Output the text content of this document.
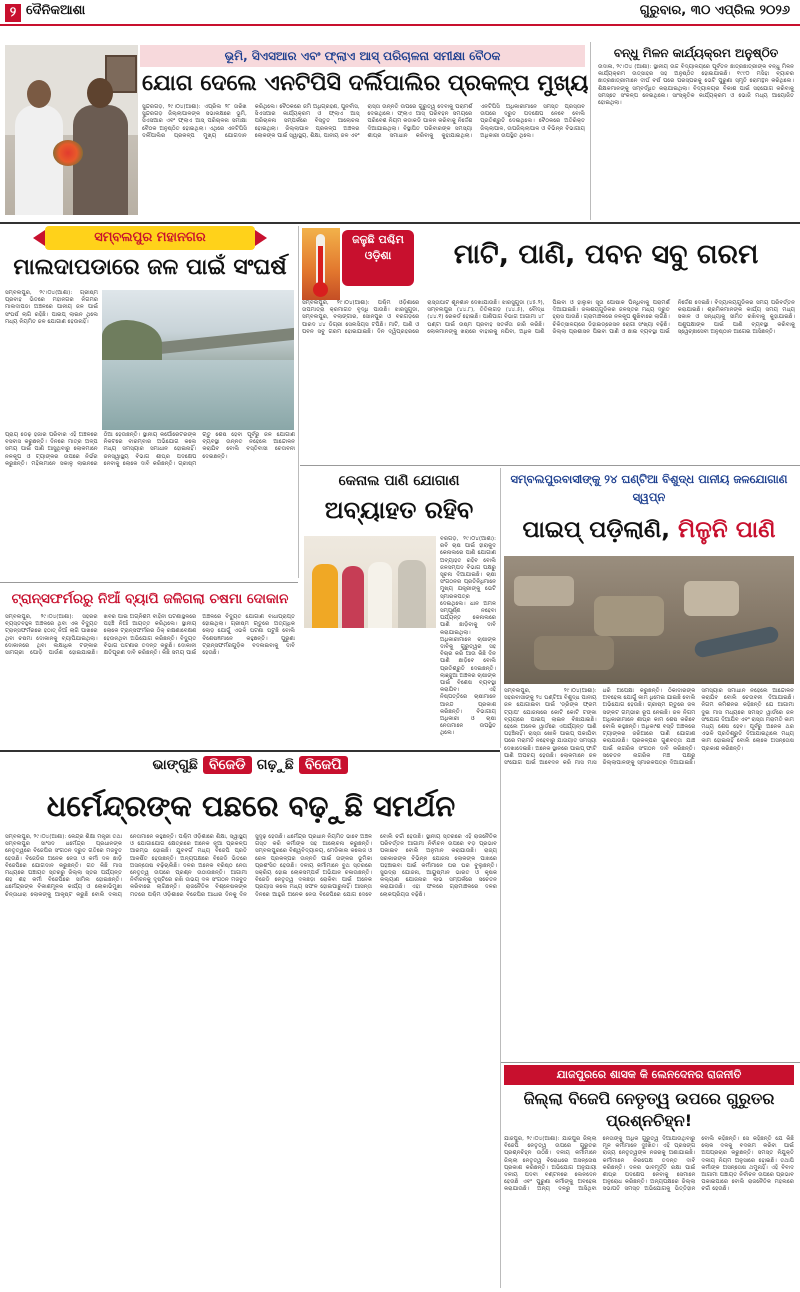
୨ ଦୈନିକଆଶା	ଗୁରୁବାର, ୩୦ ଏପ୍ରିଲ ୨୦୨୬
ଭୂମି, ସିଏସଆର ଏବଂ ଫ୍ଲାଏ ଆସ୍ ପରିଚାଳନା ସମୀକ୍ଷା ବୈଠକ
ଯୋଗ ଦେଲେ ଏନଟିପିସି ଦର୍ଲିପାଲିର ପ୍ରକଳ୍ପ ମୁଖ୍ୟ
ସୁନ୍ଦରଗଡ଼, ୨୯।୦୪(ଆଶା): ଏପ୍ରିଲ ୨୮ ତାରିଖ ସୁନ୍ଦରଗଡ଼ ଜିଲ୍ଲାପାଳଙ୍କ ସଭାକକ୍ଷରେ ଭୂମି, ସିଏସଆର ଏବଂ ଫ୍ଲାଏ ଆସ୍ ପରିଚାଳନା ସମୀକ୍ଷା ବୈଠକ ଅନୁଷ୍ଠିତ ହୋଇଥିଲା। ଏଥିରେ ଏନଟିପିସି ଦର୍ଲିପାଲିର ପ୍ରକଳ୍ପ ମୁଖ୍ୟ ଯୋଗଦାନ କରିଥିଲେ। ବୈଠକରେ ଜମି ଅଧିଗ୍ରହଣ, ପୁନର୍ବାସ, ସିଏସଆର କାର୍ଯ୍ୟକ୍ରମ ଓ ଫ୍ଲାଏ ଆସ୍ ପରିଚାଳନା ସମ୍ପର୍କରେ ବିସ୍ତୃତ ଆଲୋଚନା ହୋଇଥିଲା। ଜିଲ୍ଲାପାଳ ପ୍ରକଳ୍ପ ଅଞ୍ଚଳର ଲୋକଙ୍କ ପାଇଁ ସ୍ୱାସ୍ଥ୍ୟ, ଶିକ୍ଷା, ପାନୀୟ ଜଳ ଏବଂ ରାସ୍ତା ଉନ୍ନତି ଉପରେ ଗୁରୁତ୍ୱ ଦେବାକୁ ପରାମର୍ଶ ଦେଇଥିଲେ। ଫ୍ଲାଏ ଆସ୍ ପରିବହନ ସମୟରେ ପରିବେଶ ନିୟମ କଡାକଡି ପାଳନ କରିବାକୁ ନିର୍ଦ୍ଦେଶ ଦିଆଯାଇଥିଲା। ବିସ୍ଥାପିତ ପରିବାରଙ୍କ ସମସ୍ୟା ଶୀଘ୍ର ସମାଧାନ କରିବାକୁ କୁହାଯାଇଥିଲା। ଏନଟିପିସି ଅଧିକାରୀମାନେ ସମସ୍ତ ପ୍ରସ୍ତାବ ଉପରେ ଦ୍ରୁତ ପଦକ୍ଷେପ ନେବେ ବୋଲି ପ୍ରତିଶ୍ରୁତି ଦେଇଥିଲେ। ବୈଠକରେ ଅତିରିକ୍ତ ଜିଲ୍ଲାପାଳ, ଉପଜିଲ୍ଲାପାଳ ଓ ବିଭିନ୍ନ ବିଭାଗୀୟ ଅଧିକାରୀ ଉପସ୍ଥିତ ଥିଲେ।
ବନ୍ଧୁ ମିଳନ କାର୍ଯ୍ୟକ୍ରମ ଅନୁଷ୍ଠିତ
ଉଦାଳା, ୨୯।୦୪ (ଆଶା): ସ୍ଥାନୀୟ ଉଚ୍ଚ ବିଦ୍ୟାଳୟରେ ପୂର୍ବତନ ଛାତ୍ରଛାତ୍ରୀଙ୍କ ବନ୍ଧୁ ମିଳନ କାର୍ଯ୍ୟକ୍ରମ ଉତ୍ସାହର ସହ ଅନୁଷ୍ଠିତ ହୋଇଯାଇଛି। ୧୯୯୦ ମସିହା ବ୍ୟାଚର ଛାତ୍ରଛାତ୍ରୀମାନେ ଦୀର୍ଘ ବର୍ଷ ପରେ ପରସ୍ପରକୁ ଭେଟି ପୁରୁଣା ସ୍ମୃତି ରୋମନ୍ଥନ କରିଥିଲେ। ଶିକ୍ଷକମାନଙ୍କୁ ସମ୍ବର୍ଦ୍ଧିତ କରାଯାଇଥିଲା। ବିଦ୍ୟାଳୟର ବିକାଶ ପାଇଁ ସହଯୋଗ କରିବାକୁ ସମସ୍ତେ ସଂକଳ୍ପ ନେଇଥିଲେ। ସାଂସ୍କୃତିକ କାର୍ଯ୍ୟକ୍ରମ ଓ ଭୋଜି ମଧ୍ୟ ଆୟୋଜିତ ହୋଇଥିଲା।
ସମ୍ବଲପୁର ମହାନଗର
ମାଲଦାପଡାରେ ଜଳ ପାଇଁ ସଂଘର୍ଷ
ସମ୍ବଲପୁର, ୨୯।୦୪(ଆଶା): ଗ୍ରୀଷ୍ମ ପ୍ରବାହ ଭିତରେ ମହାନଗର ନିଗମର ମାଲଦାପଡା ଅଞ୍ଚଳରେ ପାନୀୟ ଜଳ ପାଇଁ ସଂଘର୍ଷ ଲାଗି ରହିଛି। ପାଇପ୍ ଲାଇନ ଥିଲେ ମଧ୍ୟ ନିୟମିତ ଜଳ ଯୋଗାଣ ହେଉନାହିଁ।
ପ୍ରାୟ ଡେଢ଼ ହଜାର ପରିବାର ଏହି ଅଞ୍ଚଳରେ ବସବାସ କରୁଛନ୍ତି। ଦିନରେ ମାତ୍ର ଅଳ୍ପ ସମୟ ପାଇଁ ପାଣି ଆସୁଥିବାରୁ ଲୋକମାନେ ନଳକୂପ ଓ ଟ୍ୟାଙ୍କର ଉପରେ ନିର୍ଭର କରୁଛନ୍ତି। ମହିଳାମାନେ ସକାଳୁ ଲାଇନରେ ଠିଆ ହେଉଛନ୍ତି। ସ୍ଥାନୀୟ କର୍ପୋରେଟରଙ୍କ ନିକଟରେ ବାରମ୍ବାର ଅଭିଯୋଗ କଲେ ମଧ୍ୟ ସମସ୍ୟାର ସମାଧାନ ହୋଇନାହିଁ। ଜନସ୍ୱାସ୍ଥ୍ୟ ବିଭାଗ ଶୀଘ୍ର ପଦକ୍ଷେପ ନେବାକୁ ଲୋକେ ଦାବି କରିଛନ୍ତି। ଗ୍ରୀଷ୍ମ ଋତୁ ଶେଷ ହେବା ପୂର୍ବରୁ ଜଳ ଯୋଗାଣ ବ୍ୟବସ୍ଥା ଉନ୍ନତ ନହେଲେ ଆନ୍ଦୋଳନ କରାଯିବ ବୋଲି ବସ୍ତିବାସୀ ଚେତାବନୀ ଦେଇଛନ୍ତି।
ଜଳୁଛି ପଶ୍ଚିମ ଓଡ଼ିଶା	ମାଟି, ପାଣି, ପବନ ସବୁ ଗରମ
ସମ୍ବଲପୁର, ୨୯।୦୪(ଆଶା): ପଶ୍ଚିମ ଓଡ଼ିଶାରେ ତାପମାତ୍ରା କ୍ରମାଗତ ବୃଦ୍ଧି ପାଉଛି। ଝାରସୁଗୁଡା, ସମ୍ବଲପୁର, ବଲାଙ୍ଗୀର, ସୋନପୁର ଓ ବରଗଡ଼ରେ ପାରଦ ୪୪ ଡିଗ୍ରୀ ସେଲସିୟସ ଟପିଛି। ମାଟି, ପାଣି ଓ ପବନ ସବୁ ଗରମ ହୋଇଯାଇଛି। ଦିନ ଦ୍ୱିପ୍ରହରରେ ରାସ୍ତାଘାଟ ଶୂନଶାନ ଦେଖାଯାଉଛି। ଝାରସୁଗୁଡା (୪୫.୨), ସମ୍ବଲପୁର (୪୪.୮), ତିତିଲାଗଡ଼ (୪୪.୫), ବୌଦ୍ଧ (୪୪.୧) ରେକର୍ଡ ହୋଇଛି। ପାଣିପାଗ ବିଭାଗ ଆଗାମୀ ୪୮ ଘଣ୍ଟା ପାଇଁ ଉଷ୍ମ ପ୍ରବାହ ସତର୍କତା ଜାରି କରିଛି। ଲୋକମାନଙ୍କୁ ଖରାରେ ବାହାରକୁ ନଯିବା, ଅଧିକ ପାଣି ପିଇବା ଓ ହାଲୁକା ସୂତା ପୋଷାକ ପିନ୍ଧିବାକୁ ପରାମର୍ଶ ଦିଆଯାଇଛି। ଜଳାଶୟଗୁଡିକର ଜଳସ୍ତର ମଧ୍ୟ ଦ୍ରୁତ ହ୍ରାସ ପାଉଛି। ଗ୍ରାମାଞ୍ଚଳରେ ନଳକୂପ ଶୁଖିବାରେ ଲାଗିଛି। ଚିକିତ୍ସାଳୟରେ ଡିହାଇଡ୍ରେସନ ରୋଗୀ ସଂଖ୍ୟା ବଢ଼ିଛି। ଜିଲ୍ଲା ପ୍ରଶାସନ ପିଇବା ପାଣି ଓ ଛାଇ ବ୍ୟବସ୍ଥା ପାଇଁ ନିର୍ଦ୍ଦେଶ ଦେଇଛି। ବିଦ୍ୟାଳୟଗୁଡିକର ସମୟ ପରିବର୍ତ୍ତନ କରାଯାଇଛି। ଶ୍ରମିକମାନଙ୍କ କାର୍ଯ୍ୟ ସମୟ ମଧ୍ୟ ସକାଳ ଓ ସନ୍ଧ୍ୟାକୁ ସୀମିତ ରଖିବାକୁ କୁହାଯାଇଛି। ପଶୁପକ୍ଷୀଙ୍କ ପାଇଁ ପାଣି ବ୍ୟବସ୍ଥା କରିବାକୁ ସ୍ୱେଚ୍ଛାସେବୀ ଅନୁଷ୍ଠାନ ଆଗେଇ ଆସିଛନ୍ତି।
କେନାଲ ପାଣି ଯୋଗାଣ
ଅବ୍ୟାହତ ରହିବ
ବରଗଡ଼, ୨୯।୦୪(ଆଶା): ରବି ଚାଷ ପାଇଁ ହୀରାକୁଦ କେନାଲରେ ପାଣି ଯୋଗାଣ ଅବ୍ୟାହତ ରହିବ ବୋଲି ଜଳସମ୍ପଦ ବିଭାଗ ପକ୍ଷରୁ ସୂଚନା ଦିଆଯାଇଛି। ଚାଷୀ ସଂଗଠନର ପ୍ରତିନିଧିମାନେ ମୁଖ୍ୟ ଯନ୍ତ୍ରୀଙ୍କୁ ଭେଟି ସ୍ମାରକପତ୍ର ଦେଇଥିଲେ। ଧାନ ଅମଳ ସମ୍ପୂର୍ଣ୍ଣ ନହେବା ପର୍ଯ୍ୟନ୍ତ କେନାଲରେ ପାଣି ଛାଡ଼ିବାକୁ ଦାବି କରାଯାଇଥିଲା। ଅଧିକାରୀମାନେ ଚାଷୀଙ୍କ ଦାବିକୁ ଗୁରୁତ୍ୱର ସହ ବିଚାର କରି ଆଉ କିଛି ଦିନ ପାଣି ଛାଡ଼ିବେ ବୋଲି ପ୍ରତିଶ୍ରୁତି ଦେଇଛନ୍ତି। ଲାଞ୍ଜୁଆ ଅଞ୍ଚଳର ଚାଷୀଙ୍କ ପାଇଁ ବିଶେଷ ବ୍ୟବସ୍ଥା କରାଯିବ। ଏହି ନିଷ୍ପତ୍ତିରେ ଚାଷୀମାନେ ଆନନ୍ଦ ପ୍ରକାଶ କରିଛନ୍ତି। ବିଭାଗୀୟ ଅଧିକାରୀ ଓ ଚାଷୀ ନେତାମାନେ ଉପସ୍ଥିତ ଥିଲେ।
ସମ୍ବଲପୁରବାସୀଙ୍କୁ ୨୪ ଘଣ୍ଟିଆ ବିଶୁଦ୍ଧ ପାନୀୟ ଜଳଯୋଗାଣ ସ୍ୱପ୍ନ
ପାଇପ୍ ପଡ଼ିଲାଣି, ମିଳୁନି ପାଣି
ସମ୍ବଲପୁର, ୨୯।୦୪(ଆଶା): ସହରବାସୀଙ୍କୁ ୨୪ ଘଣ୍ଟିଆ ବିଶୁଦ୍ଧ ପାନୀୟ ଜଳ ଯୋଗାଇବା ପାଇଁ 'ଡ୍ରିଙ୍କ ଫ୍ରମ ଟ୍ୟାପ' ଯୋଜନାରେ କୋଟି କୋଟି ଟଙ୍କା ବ୍ୟୟରେ ପାଇପ୍ ଲାଇନ ବିଛାଯାଇଛି। ହେଲେ ଅନେକ ୱାର୍ଡରେ ଏପର୍ଯ୍ୟନ୍ତ ପାଣି ପହଞ୍ଚିନାହିଁ। ରାସ୍ତା ଖୋଳି ପାଇପ୍ ପକାଯିବା ପରେ ମରାମତି ନହେବାରୁ ଯାତାୟାତ ସମସ୍ୟା ଦେଖାଦେଇଛି। ଅନେକ ସ୍ଥାନରେ ପାଇପ୍ ଫାଟି ପାଣି ଅପଚୟ ହେଉଛି। ଲୋକମାନେ ଜଳ ସଂଯୋଗ ପାଇଁ ଆବେଦନ କରି ମାସ ମାସ ଧରି ଅପେକ୍ଷା କରୁଛନ୍ତି। ଠିକାଦାରଙ୍କ ଅବହେଳା ଯୋଗୁଁ କାମ ଧିମେଇ ଯାଇଛି ବୋଲି ଅଭିଯୋଗ ହେଉଛି। ଗ୍ରୀଷ୍ମ ଋତୁରେ ଜଳ ସଙ୍କଟ ଗମ୍ଭୀର ରୂପ ନେଇଛି। ଜଳ ନିଗମ ଅଧିକାରୀମାନେ ଶୀଘ୍ର କାମ ଶେଷ କରିବେ ବୋଲି କହୁଛନ୍ତି। ଅଧିକାଂଶ ବସ୍ତି ଅଞ୍ଚଳରେ ଟ୍ୟାଙ୍କର ଜରିଆରେ ପାଣି ଯୋଗାଣ କରାଯାଉଛି। ପ୍ରକଳ୍ପର ଗୁଣବତ୍ତା ଯାଞ୍ଚ ପାଇଁ ନାଗରିକ ସଂଗଠନ ଦାବି କରିଛନ୍ତି। ସଚେତନ ନାଗରିକ ମଞ୍ଚ ପକ୍ଷରୁ ଜିଲ୍ଲାପାଳଙ୍କୁ ସ୍ମାରକପତ୍ର ଦିଆଯାଇଛି। ସମସ୍ୟାର ସମାଧାନ ନହେଲେ ଆନ୍ଦୋଳନ କରାଯିବ ବୋଲି ଚେତାବନୀ ଦିଆଯାଇଛି। ନିଗମ କମିଶନର କହିଛନ୍ତି ଯେ ଆଗାମୀ ଦୁଇ ମାସ ମଧ୍ୟରେ ସମସ୍ତ ୱାର୍ଡରେ ଜଳ ସଂଯୋଗ ଦିଆଯିବ ଏବଂ ରାସ୍ତା ମରାମତି କାମ ମଧ୍ୟ ଶେଷ ହେବ। ପୂର୍ବରୁ ଅନେକ ଥର ଏଭଳି ପ୍ରତିଶ୍ରୁତି ଦିଆଯାଇଥିଲେ ମଧ୍ୟ କାମ ହୋଇନାହିଁ ବୋଲି ଲୋକେ ଅସନ୍ତୋଷ ପ୍ରକାଶ କରିଛନ୍ତି।
ଟ୍ରାନ୍ସଫର୍ମରରୁ ନିଆଁ ବ୍ୟାପି ଜଳିଗଲା ଚଷମା ଦୋକାନ
ସମ୍ବଲପୁର, ୨୯।୦୪(ଆଶା): ସହରର ବ୍ୟସ୍ତବହୁଳ ଅଞ୍ଚଳରେ ଥିବା ଏକ ବିଦ୍ୟୁତ ଟ୍ରାନ୍ସଫର୍ମରରେ ହଠାତ୍ ନିଆଁ ଲାଗି ପାଖରେ ଥିବା ଚଷମା ଦୋକାନକୁ ବ୍ୟାପିଯାଇଥିଲା। ଦୋକାନରେ ଥିବା ଲକ୍ଷାଧିକ ଟଙ୍କାର ସାମଗ୍ରୀ ପୋଡ଼ି ପାଉଁଶ ହୋଇଯାଇଛି। ଖବର ପାଇ ଅଗ୍ନିଶମ ବାହିନୀ ଘଟଣାସ୍ଥଳରେ ପହଞ୍ଚି ନିଆଁ ଆୟତ୍ତ କରିଥିଲେ। ସ୍ଥାନୀୟ ଲୋକେ ଟ୍ରାନ୍ସଫର୍ମରର ଠିକ୍ ରକ୍ଷଣାବେକ୍ଷଣ ହେଉନଥିବା ଅଭିଯୋଗ କରିଛନ୍ତି। ବିଦ୍ୟୁତ ବିଭାଗ ଘଟଣାର ତଦନ୍ତ କରୁଛି। ଦୋକାନୀ କ୍ଷତିପୂରଣ ଦାବି କରିଛନ୍ତି। କିଛି ସମୟ ପାଇଁ ଅଞ୍ଚଳରେ ବିଦ୍ୟୁତ ଯୋଗାଣ ବାଧାପ୍ରାପ୍ତ ହୋଇଥିଲା। ଗ୍ରୀଷ୍ମ ଋତୁରେ ଅତ୍ୟଧିକ ଲୋଡ଼ ଯୋଗୁଁ ଏଭଳି ଘଟଣା ଘଟୁଛି ବୋଲି ବିଶେଷଜ୍ଞମାନେ କହୁଛନ୍ତି। ପୁରୁଣା ଟ୍ରାନ୍ସଫର୍ମରଗୁଡ଼ିକ ବଦଳାଇବାକୁ ଦାବି ହେଉଛି।
ଭାଙ୍ଗୁଛି ବିଜେଡି ଗଢ଼ୁଛି ବିଜେପି
ଧର୍ମେନ୍ଦ୍ରଙ୍କ ପଛରେ ବଢ଼ୁଛି ସମର୍ଥନ
ସମ୍ବଲପୁର, ୨୯।୦୪(ଆଶା): କେନ୍ଦ୍ର ଶିକ୍ଷା ମନ୍ତ୍ରୀ ତଥା ସମ୍ବଲପୁର ସାଂସଦ ଧର୍ମେନ୍ଦ୍ର ପ୍ରଧାନଙ୍କ ନେତୃତ୍ୱରେ ବିଜେପିର ସଂଗଠନ ଦ୍ରୁତ ଗତିରେ ମଜବୁତ ହେଉଛି। ବିଜେଡିର ଅନେକ ନେତା ଓ କର୍ମୀ ଦଳ ଛାଡ଼ି ବିଜେପିରେ ଯୋଗଦାନ କରୁଛନ୍ତି। ଗତ କିଛି ମାସ ମଧ୍ୟରେ ପଞ୍ଚାୟତ ସ୍ତରରୁ ଜିଲ୍ଲା ସ୍ତର ପର୍ଯ୍ୟନ୍ତ ଶହ ଶହ କର୍ମୀ ବିଜେପିରେ ସାମିଲ ହୋଇଛନ୍ତି। ଧର୍ମେନ୍ଦ୍ରଙ୍କ ବିକାଶମୂଳକ କାର୍ଯ୍ୟ ଓ ଲୋକାଭିମୁଖୀ ଚିନ୍ତାଧାରା ଲୋକଙ୍କୁ ଆକୃଷ୍ଟ କରୁଛି ବୋଲି ଦଳୀୟ ନେତାମାନେ କହୁଛନ୍ତି। ପଶ୍ଚିମ ଓଡ଼ିଶାରେ ଶିକ୍ଷା, ସ୍ୱାସ୍ଥ୍ୟ ଓ ଯୋଗାଯୋଗ କ୍ଷେତ୍ରରେ ଅନେକ ନୂଆ ପ୍ରକଳ୍ପ ଆରମ୍ଭ ହୋଇଛି। ଯୁବବର୍ଗ ମଧ୍ୟ ବିଜେପି ପ୍ରତି ଆକର୍ଷିତ ହେଉଛନ୍ତି। ଅନ୍ୟପକ୍ଷରେ ବିଜେଡି ଭିତରେ ଅସନ୍ତୋଷ ବଢ଼ିଚାଲିଛି। ଦଳର ଅନେକ ବରିଷ୍ଠ ନେତା ନେତୃତ୍ୱ ଉପରେ ପ୍ରଶ୍ନ ଉଠାଉଛନ୍ତି। ଆଗାମୀ ନିର୍ବାଚନକୁ ଦୃଷ୍ଟିରେ ରଖି ଉଭୟ ଦଳ ସଂଗଠନ ମଜବୁତ କରିବାରେ ଲାଗିଛନ୍ତି। ରାଜନୈତିକ ବିଶ୍ଳେଷକଙ୍କ ମତରେ ପଶ୍ଚିମ ଓଡ଼ିଶାରେ ବିଜେପିର ଆଧାର ଦିନକୁ ଦିନ ସୁଦୃଢ଼ ହେଉଛି। ଧର୍ମେନ୍ଦ୍ର ପ୍ରଧାନ ନିୟମିତ ଭାବେ ଅଞ୍ଚଳ ଗସ୍ତ କରି କର୍ମୀଙ୍କ ସହ ଆଲୋଚନା କରୁଛନ୍ତି। ସମ୍ବଲପୁରରେ ବିଶ୍ୱବିଦ୍ୟାଳୟ, ମେଡିକାଲ କଲେଜ ଓ ରେଳ ପ୍ରକଳ୍ପର ଉନ୍ନତି ପାଇଁ ତାଙ୍କର ଭୂମିକା ପ୍ରଶଂସିତ ହେଉଛି। ଦଳୀୟ କର୍ମୀମାନେ ବୁଥ ସ୍ତରରେ ସକ୍ରିୟ ହୋଇ ଲୋକସମ୍ପର୍କ ଅଭିଯାନ ଚଳାଉଛନ୍ତି। ବିଜେଡି ନେତୃତ୍ୱ ଦଳଛଡ଼ା ରୋକିବା ପାଇଁ ଅନେକ ପ୍ରୟାସ କଲେ ମଧ୍ୟ ସଫଳ ହୋଇପାରୁନାହିଁ। ଆସନ୍ତା ଦିନରେ ଆହୁରି ଅନେକ ନେତା ବିଜେପିରେ ଯୋଗ ଦେବେ ବୋଲି ଚର୍ଚ୍ଚା ହେଉଛି। ସ୍ଥାନୀୟ ସ୍ତରରେ ଏହି ରାଜନୈତିକ ପରିବର୍ତ୍ତନ ଆଗାମୀ ନିର୍ବାଚନ ଉପରେ ବଡ଼ ପ୍ରଭାବ ପକାଇବ ବୋଲି ଅନୁମାନ କରାଯାଉଛି। ରାଜ୍ୟ ସରକାରଙ୍କ ବିଭିନ୍ନ ଯୋଜନା ଲୋକଙ୍କ ପାଖରେ ପହଞ୍ଚାଇବା ପାଇଁ କର୍ମୀମାନେ ଘର ଘର ବୁଲୁଛନ୍ତି। ସୁଭଦ୍ରା ଯୋଜନା, ଆୟୁଷ୍ମାନ ଭାରତ ଓ କୃଷକ କଲ୍ୟାଣ ଯୋଜନାର ଲାଭ ସମ୍ପର୍କରେ ସଚେତନ କରାଯାଉଛି। ଏହା ଫଳରେ ଗ୍ରାମାଞ୍ଚଳରେ ଦଳର ଲୋକପ୍ରିୟତା ବଢ଼ିଛି।
ଯାଜପୁରରେ ଶାସକ କି ଲେନଦେନର ରାଜନୀତି
ଜିଲ୍ଲା ବିଜେପି ନେତୃତ୍ୱ ଉପରେ ଗୁରୁତର ପ୍ରଶ୍ନଚିହ୍ନ!
ଯାଜପୁର, ୨୯।୦୪(ଆଶା): ଯାଜପୁର ଜିଲ୍ଲା ବିଜେପି ନେତୃତ୍ୱ ଉପରେ ଗୁରୁତର ପ୍ରଶ୍ନଚିହ୍ନ ଉଠିଛି। ଦଳୀୟ କର୍ମୀମାନେ ଜିଲ୍ଲା ନେତୃତ୍ୱ ବିରୋଧରେ ଅସନ୍ତୋଷ ପ୍ରକାଶ କରିଛନ୍ତି। ଅଭିଯୋଗ ଅନୁଯାୟୀ ଦଳୀୟ ପଦବୀ ବଣ୍ଟନରେ ଲେନଦେନ ହେଉଛି ଏବଂ ପୁରୁଣା କର୍ମୀଙ୍କୁ ଅବହେଳା କରାଯାଉଛି। ଅନ୍ୟ ଦଳରୁ ଆସିଥିବା ନେତାଙ୍କୁ ଅଧିକ ଗୁରୁତ୍ୱ ଦିଆଯାଉଥିବାରୁ ମୂଳ କର୍ମୀମାନେ ଦୁଃଖିତ। ଏହି ପ୍ରସଙ୍ଗ ରାଜ୍ୟ ନେତୃତ୍ୱଙ୍କ ନଜରକୁ ଅଣାଯାଇଛି। କର୍ମୀମାନେ ନିରପେକ୍ଷ ତଦନ୍ତ ଦାବି କରିଛନ୍ତି। ଦଳର ଭାବମୂର୍ତ୍ତି ରକ୍ଷା ପାଇଁ ଶୀଘ୍ର ପଦକ୍ଷେପ ନେବାକୁ ସେମାନେ ଅନୁରୋଧ କରିଛନ୍ତି। ଅନ୍ୟପକ୍ଷରେ ଜିଲ୍ଲା ସଭାପତି ସମସ୍ତ ଅଭିଯୋଗକୁ ଭିତ୍ତିହୀନ ବୋଲି କହିଛନ୍ତି। ସେ କହିଛନ୍ତି ଯେ କିଛି ଲୋକ ଦଳକୁ ବଦନାମ କରିବା ପାଇଁ ଅପପ୍ରଚାର କରୁଛନ୍ତି। ସମସ୍ତ ନିଯୁକ୍ତି ଦଳୀୟ ନିୟମ ଅନୁସାରେ ହୋଇଛି। ତଥାପି କର୍ମୀଙ୍କ ଅସନ୍ତୋଷ ଥମୁନାହିଁ। ଏହି ବିବାଦ ଆଗାମୀ ପଞ୍ଚାୟତ ନିର୍ବାଚନ ଉପରେ ପ୍ରଭାବ ପକାଇପାରେ ବୋଲି ରାଜନୈତିକ ମହଲରେ ଚର୍ଚ୍ଚା ହେଉଛି।
